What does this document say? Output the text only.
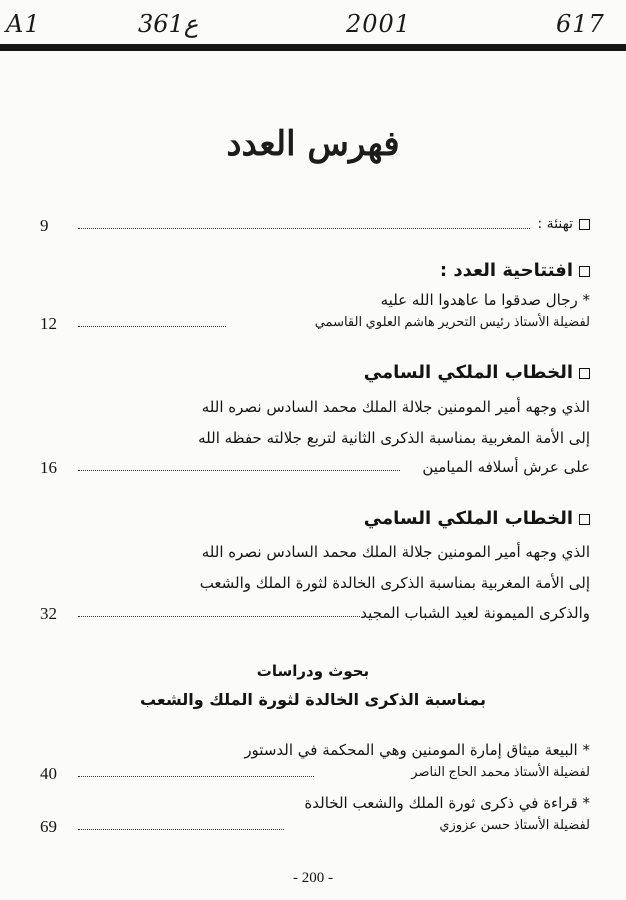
A1	361ع	2001	617
فهرس العدد
9	تهنئة :
افتتاحية العدد :
* رجال صدقوا ما عاهدوا الله عليه
12	لفضيلة الأستاذ رئيس التحرير هاشم العلوي القاسمي
الخطاب الملكي السامي
الذي وجهه أمير المومنين جلالة الملك محمد السادس نصره الله
إلى الأمة المغربية بمناسبة الذكرى الثانية لتربع جلالته حفظه الله
16	على عرش أسلافه الميامين
الخطاب الملكي السامي
الذي وجهه أمير المومنين جلالة الملك محمد السادس نصره الله
إلى الأمة المغربية بمناسبة الذكرى الخالدة لثورة الملك والشعب
32	والذكرى الميمونة لعيد الشباب المجيد
بحوث ودراسات
بمناسبة الذكرى الخالدة لثورة الملك والشعب
* البيعة ميثاق إمارة المومنين وهي المحكمة في الدستور
40	لفضيلة الأستاذ محمد الحاج الناصر
* قراءة في ذكرى ثورة الملك والشعب الخالدة
69	لفضيلة الأستاذ حسن عزوزي
- 200 -
